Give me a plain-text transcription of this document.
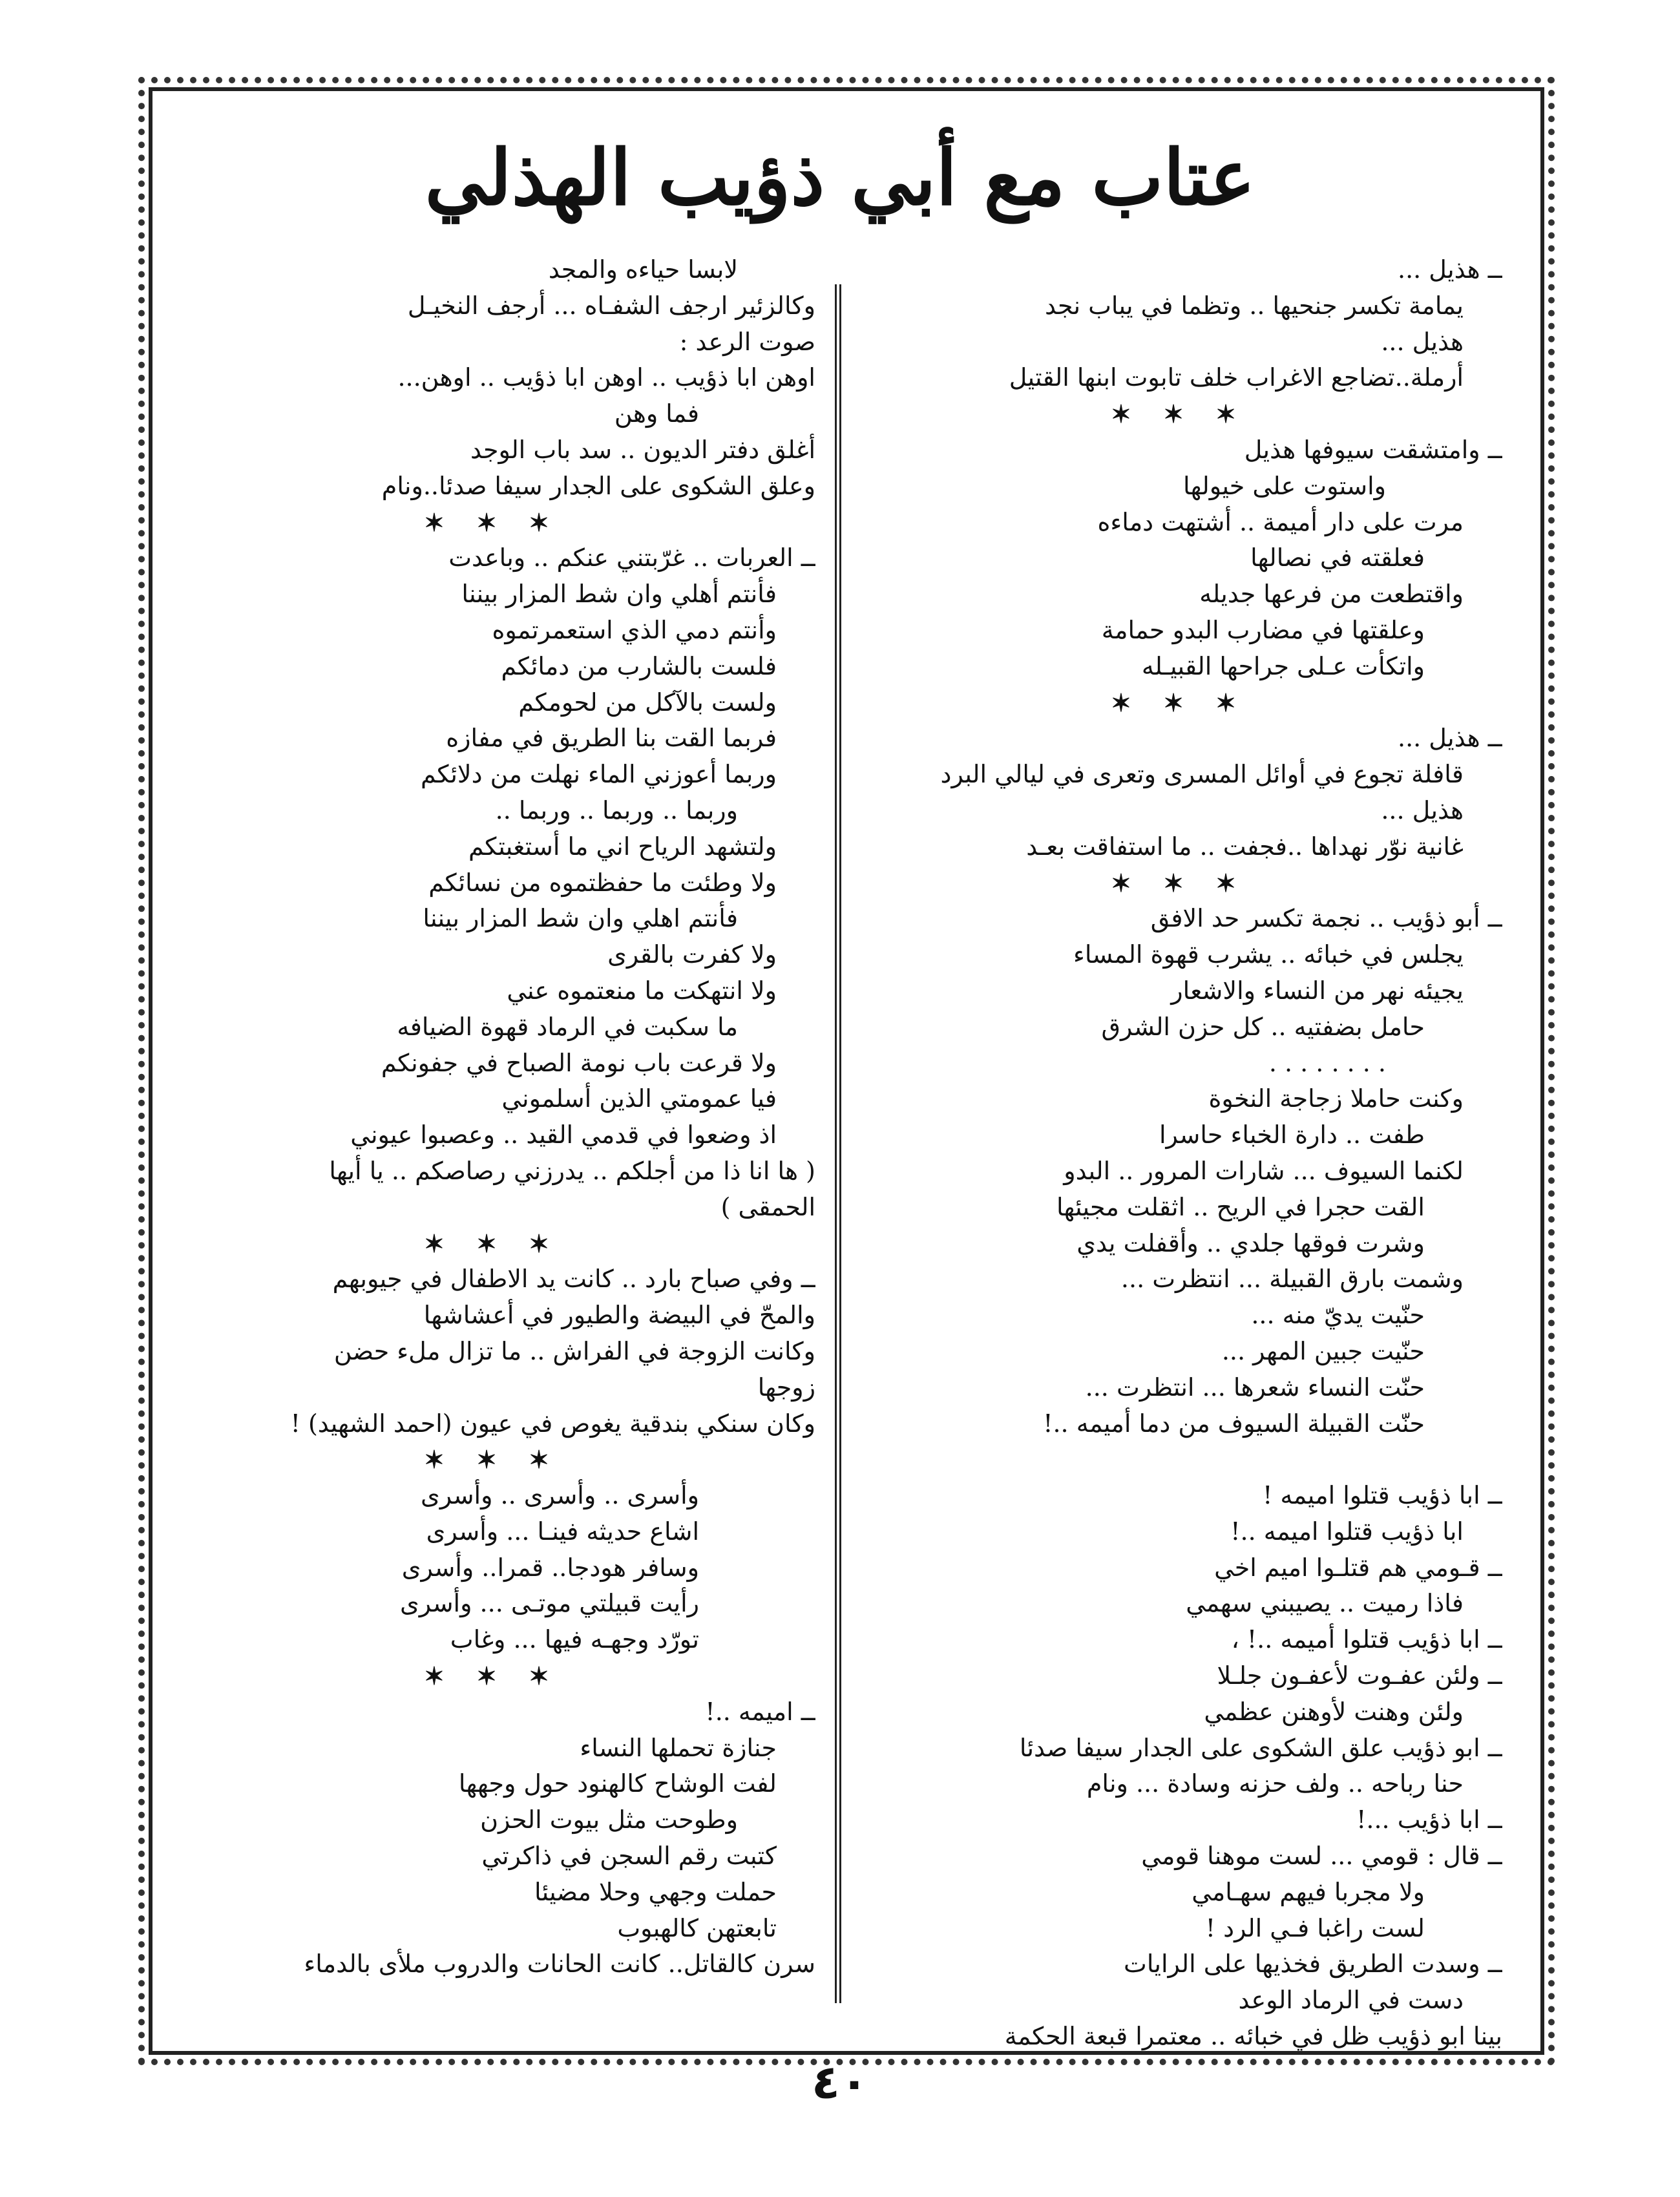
عتاب مع أبي ذؤيب الهذلي
ــ هذيل ...
يمامة تكسر جنحيها .. وتظما في يباب نجد
هذيل ...
أرملة..تضاجع الاغراب خلف تابوت ابنها القتيل
✶ ✶ ✶
ــ وامتشقت سيوفها هذيل
واستوت على خيولها
مرت على دار أميمة .. أشتهت دماءه
فعلقته في نصالها
واقتطعت من فرعها جديله
وعلقتها في مضارب البدو حمامة
واتكأت عـلى جراحها القبيـله
✶ ✶ ✶
ــ هذيل ...
قافلة تجوع في أوائل المسرى وتعرى في ليالي البرد
هذيل ...
غانية نوّر نهداها ..فجفت .. ما استفاقت بعـد
✶ ✶ ✶
ــ أبو ذؤيب .. نجمة تكسر حد الافق
يجلس في خبائه .. يشرب قهوة المساء
يجيئه نهر من النساء والاشعار
حامل بضفتيه .. كل حزن الشرق
. . . . . . . .
وكنت حاملا زجاجة النخوة
طفت .. دارة الخباء حاسرا
لكنما السيوف ... شارات المرور .. البدو
القت حجرا في الريح .. اثقلت مجيئها
وشرت فوقها جلدي .. وأقفلت يدي
وشمت بارق القبيلة ... انتظرت ...
حنّيت يديّ منه ...
حنّيت جبين المهر ...
حنّت النساء شعرها ... انتظرت ...
حنّت القبيلة السيوف من دما أميمه ..!
ــ ابا ذؤيب قتلوا اميمه !
ابا ذؤيب قتلوا اميمه ..!
ــ قـومي هم قتلـوا اميم اخي
فاذا رميت .. يصيبني سهمي
ــ ابا ذؤيب قتلوا أميمه ..! ،
ــ ولئن عفـوت لأعفـون جلـلا
ولئن وهنت لأوهنن عظمي
ــ ابو ذؤيب علق الشكوى على الجدار سيفا صدئا
حنا رباحه .. ولف حزنه وسادة ... ونام
ــ ابا ذؤيب ...!
ــ قال : قومي ... لست موهنا قومي
ولا مجربا فيهم سهـامي
لست راغبا فـي الرد !
ــ وسدت الطريق فخذيها على الرايات
دست في الرماد الوعد
بينا ابو ذؤيب ظل في خبائه .. معتمرا قبعة الحكمة
لابسا حياءه والمجد
وكالزئير ارجف الشفـاه ... أرجف النخيـل
صوت الرعد :
اوهن ابا ذؤيب .. اوهن ابا ذؤيب .. اوهن...
فما وهن
أغلق دفتر الديون .. سد باب الوجد
وعلق الشكوى على الجدار سيفا صدئا..ونام
✶ ✶ ✶
ــ العربات .. غرّبتني عنكم .. وباعدت
فأنتم أهلي وان شط المزار بيننا
وأنتم دمي الذي استعمرتموه
فلست بالشارب من دمائكم
ولست بالآكل من لحومكم
فربما القت بنا الطريق في مفازه
وربما أعوزني الماء نهلت من دلائكم
وربما .. وربما .. وربما ..
ولتشهد الرياح اني ما أستغبتكم
ولا وطئت ما حفظتموه من نسائكم
فأنتم اهلي وان شط المزار بيننا
ولا كفرت بالقرى
ولا انتهكت ما منعتموه عني
ما سكبت في الرماد قهوة الضيافه
ولا قرعت باب نومة الصباح في جفونكم
فيا عمومتي الذين أسلموني
اذ وضعوا في قدمي القيد .. وعصبوا عيوني
( ها انا ذا من أجلكم .. يدرزني رصاصكم .. يا أيها
الحمقى )
✶ ✶ ✶
ــ وفي صباح بارد .. كانت يد الاطفال في جيوبهم
والمحّ في البيضة والطيور في أعشاشها
وكانت الزوجة في الفراش .. ما تزال ملء حضن
زوجها
وكان سنكي بندقية يغوص في عيون (احمد الشهيد) !
✶ ✶ ✶
وأسرى .. وأسرى .. وأسرى
اشاع حديثه فينـا ... وأسرى
وسافر هودجا.. قمرا.. وأسرى
رأيت قبيلتي موتـى ... وأسرى
تورّد وجهـه فيها ... وغاب
✶ ✶ ✶
ــ اميمه ..!
جنازة تحملها النساء
لفت الوشاح كالهنود حول وجهها
وطوحت مثل بيوت الحزن
كتبت رقم السجن في ذاكرتي
حملت وجهي وحلا مضيئا
تابعتهن كالهبوب
سرن كالقاتل.. كانت الحانات والدروب ملأى بالدماء
٤٠
